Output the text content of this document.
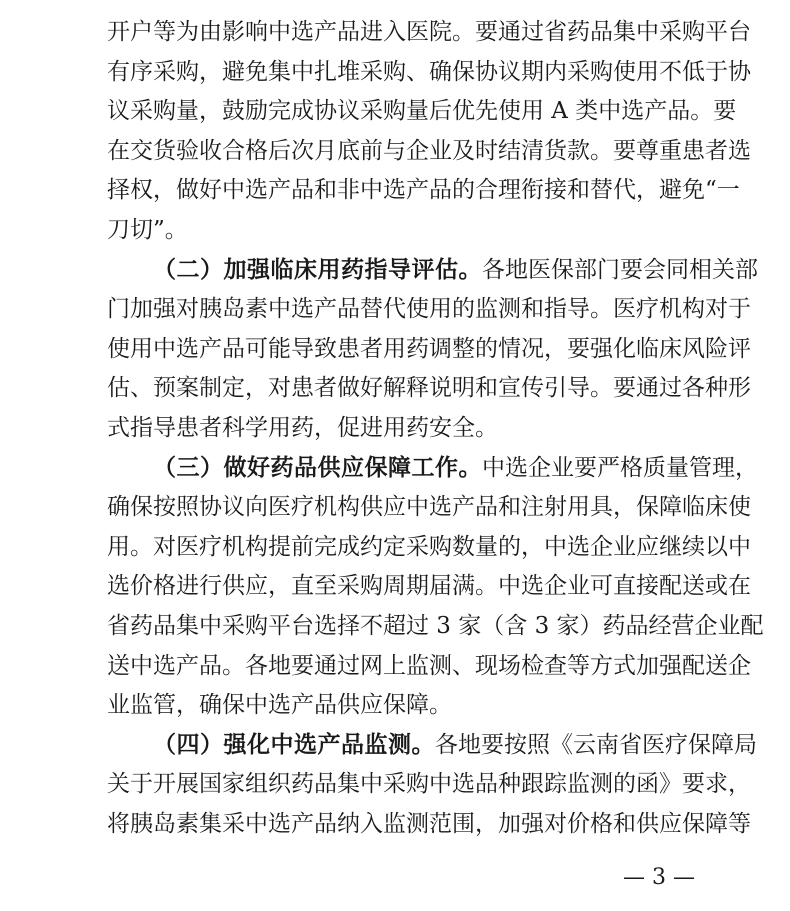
开户等为由影响中选产品进入医院。要通过省药品集中采购平台
有序采购，避免集中扎堆采购、确保协议期内采购使用不低于协
议采购量，鼓励完成协议采购量后优先使用 A 类中选产品。要
在交货验收合格后次月底前与企业及时结清货款。要尊重患者选
择权，做好中选产品和非中选产品的合理衔接和替代，避免“一
刀切”。
（二）加强临床用药指导评估。各地医保部门要会同相关部
门加强对胰岛素中选产品替代使用的监测和指导。医疗机构对于
使用中选产品可能导致患者用药调整的情况，要强化临床风险评
估、预案制定，对患者做好解释说明和宣传引导。要通过各种形
式指导患者科学用药，促进用药安全。
（三）做好药品供应保障工作。中选企业要严格质量管理，
确保按照协议向医疗机构供应中选产品和注射用具，保障临床使
用。对医疗机构提前完成约定采购数量的，中选企业应继续以中
选价格进行供应，直至采购周期届满。中选企业可直接配送或在
省药品集中采购平台选择不超过 3 家（含 3 家）药品经营企业配
送中选产品。各地要通过网上监测、现场检查等方式加强配送企
业监管，确保中选产品供应保障。
（四）强化中选产品监测。各地要按照《云南省医疗保障局
关于开展国家组织药品集中采购中选品种跟踪监测的函》要求，
将胰岛素集采中选产品纳入监测范围，加强对价格和供应保障等
— 3 —
